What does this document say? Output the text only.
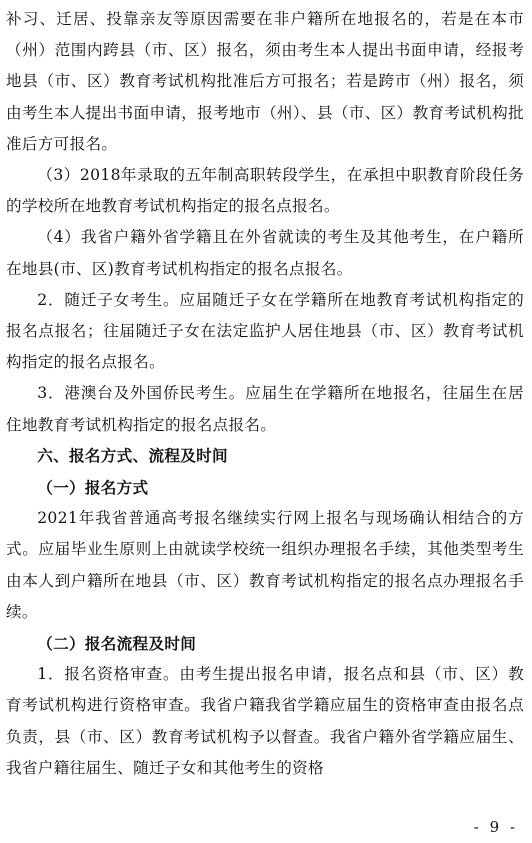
补习、迁居、投靠亲友等原因需要在非户籍所在地报名的，若是在本市（州）范围内跨县（市、区）报名，须由考生本人提出书面申请，经报考地县（市、区）教育考试机构批准后方可报名；若是跨市（州）报名，须由考生本人提出书面申请，报考地市（州）、县（市、区）教育考试机构批准后方可报名。

（3）2018年录取的五年制高职转段学生，在承担中职教育阶段任务的学校所在地教育考试机构指定的报名点报名。

（4）我省户籍外省学籍且在外省就读的考生及其他考生，在户籍所在地县(市、区)教育考试机构指定的报名点报名。

2．随迁子女考生。应届随迁子女在学籍所在地教育考试机构指定的报名点报名；往届随迁子女在法定监护人居住地县（市、区）教育考试机构指定的报名点报名。

3．港澳台及外国侨民考生。应届生在学籍所在地报名，往届生在居住地教育考试机构指定的报名点报名。

六、报名方式、流程及时间

（一）报名方式

2021年我省普通高考报名继续实行网上报名与现场确认相结合的方式。应届毕业生原则上由就读学校统一组织办理报名手续，其他类型考生由本人到户籍所在地县（市、区）教育考试机构指定的报名点办理报名手续。

（二）报名流程及时间

1．报名资格审查。由考生提出报名申请，报名点和县（市、区）教育考试机构进行资格审查。我省户籍我省学籍应届生的资格审查由报名点负责，县（市、区）教育考试机构予以督查。我省户籍外省学籍应届生、我省户籍往届生、随迁子女和其他考生的资格

- 9 -
